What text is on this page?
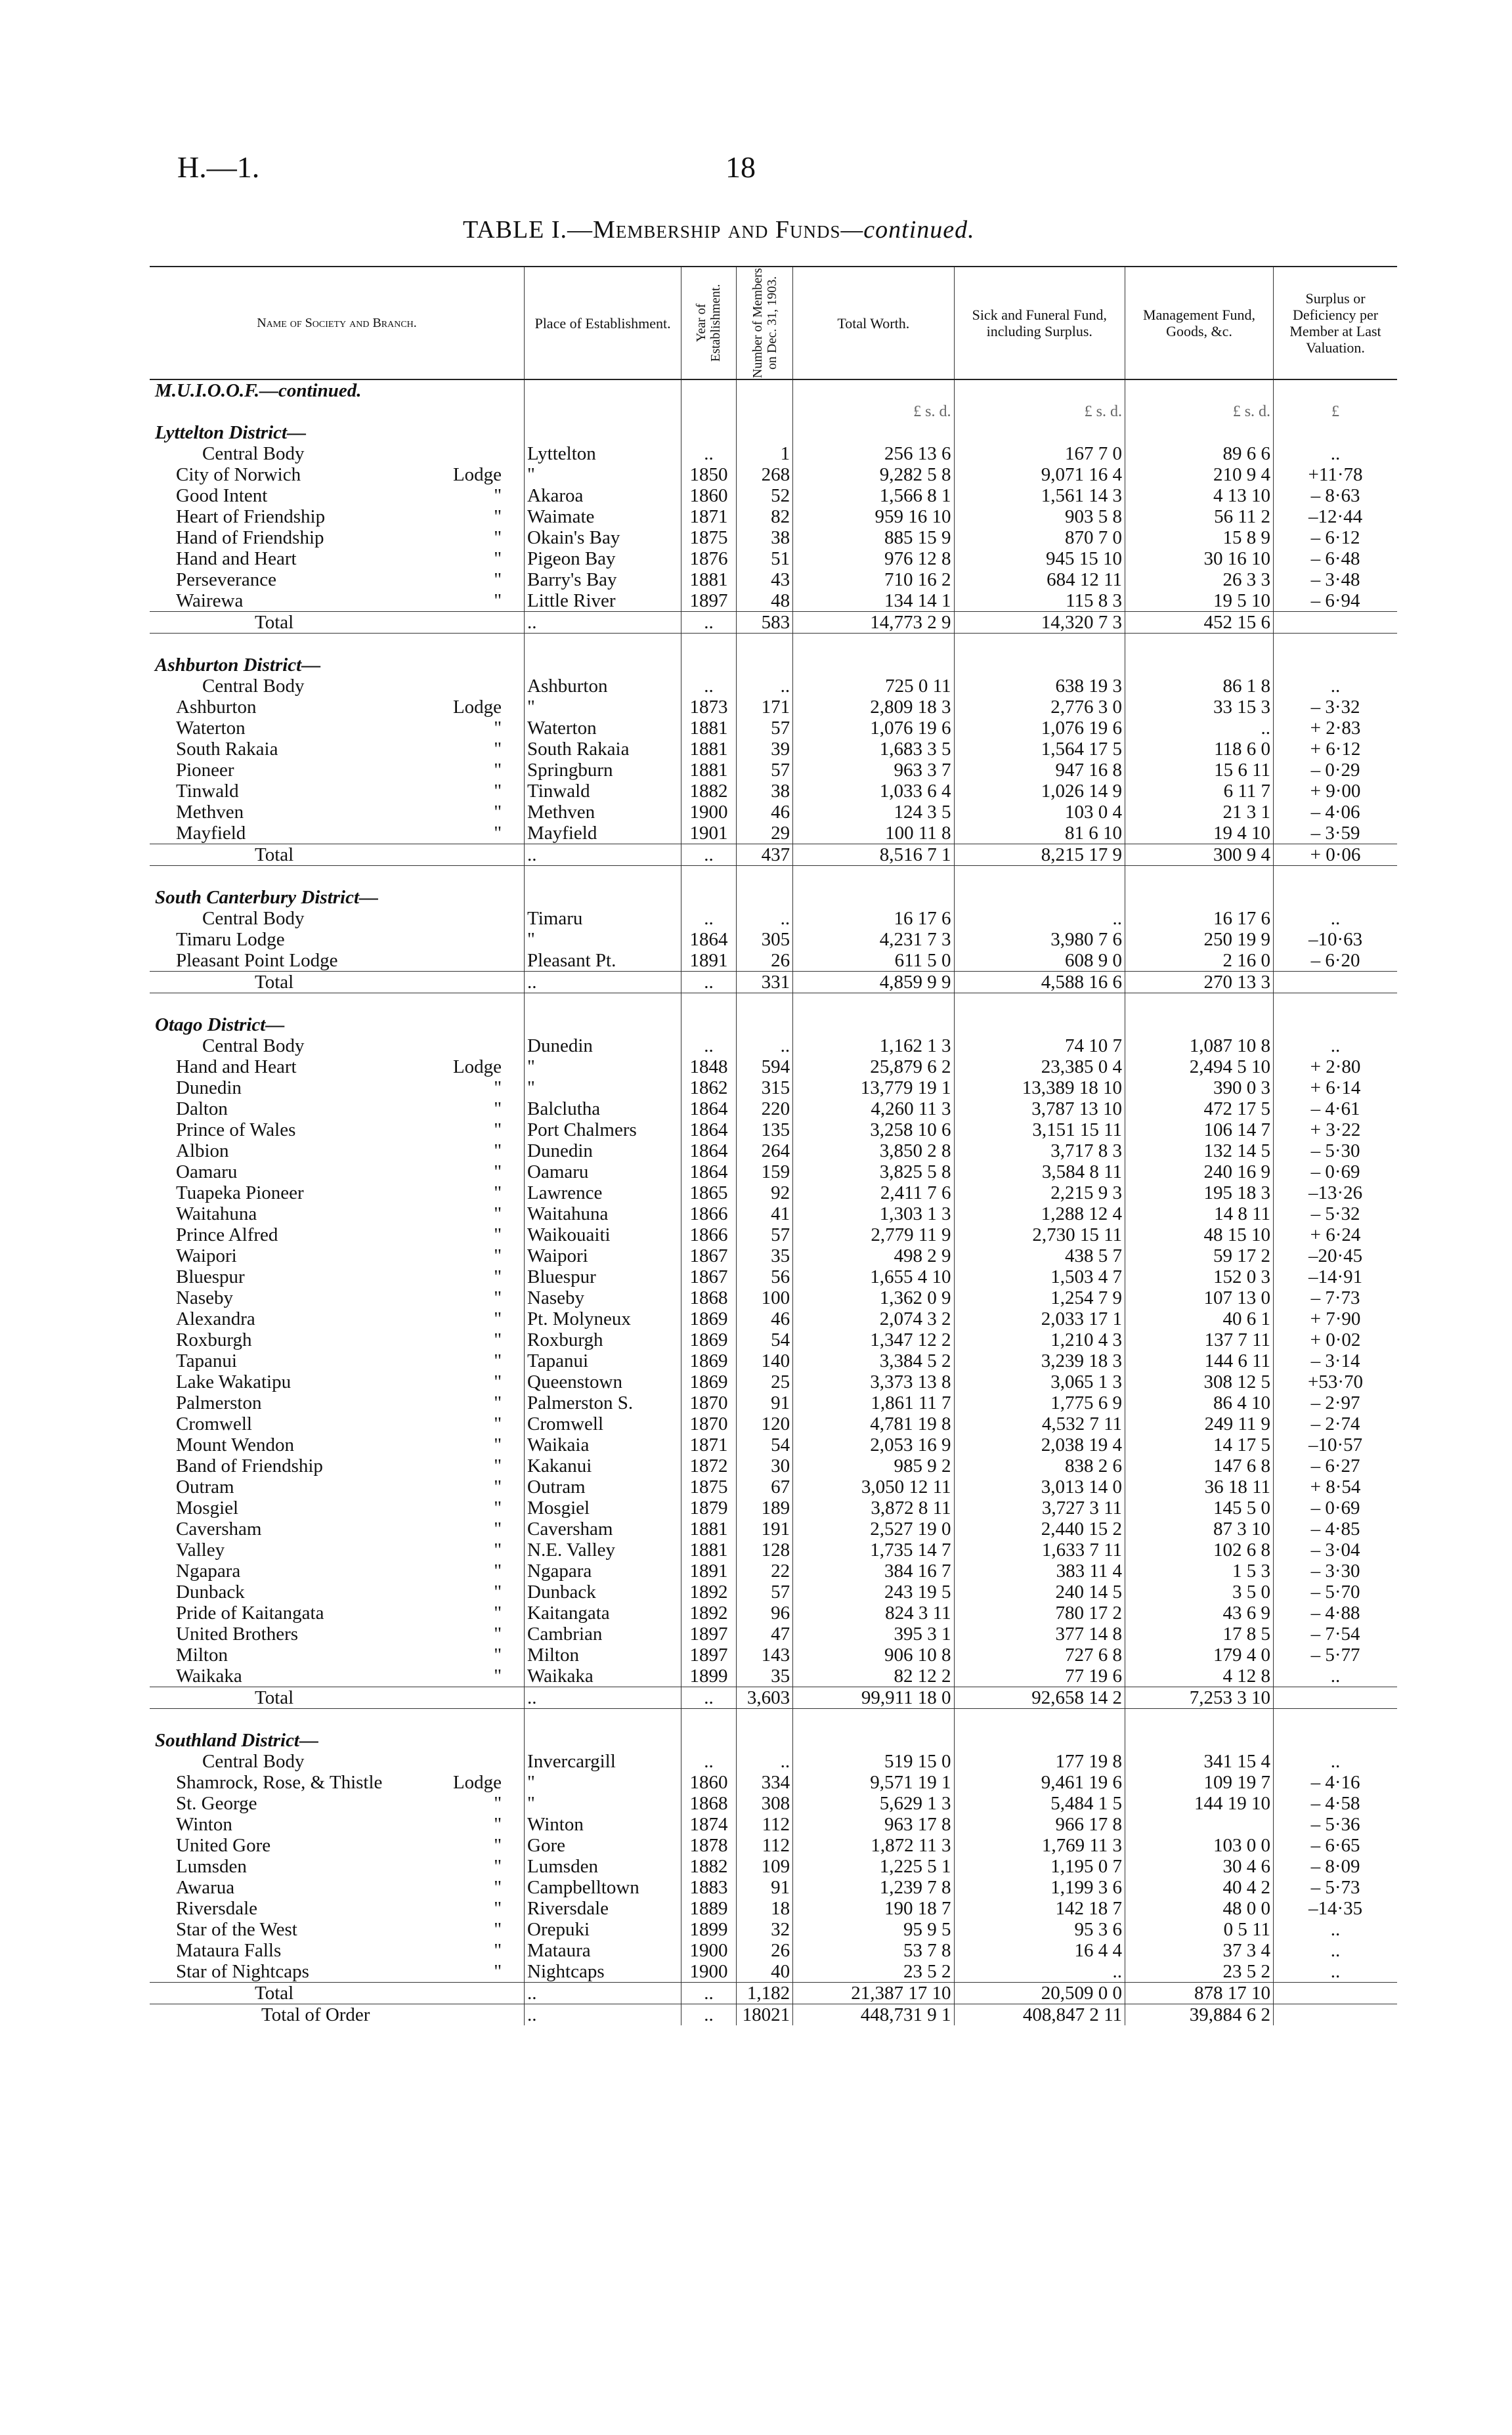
H.—1.	18
TABLE I.—Membership and Funds—continued.
Name of Society and Branch.	Place of Establishment.	Year of Establishment.	Number of Members on Dec. 31, 1903.	Total Worth.	Sick and Funeral Fund, including Surplus.	Management Fund, Goods, &c.	Surplus or Deficiency per Member at Last Valuation.
M.U.I.O.O.F.—continued.							
				£ s. d.	£ s. d.	£ s. d.	£
Lyttelton District—							
Central Body	Lyttelton	..	1	256 13 6	167 7 0	89 6 6	..
City of Norwich Lodge	"	1850	268	9,282 5 8	9,071 16 4	210 9 4	+11·78
Good Intent "	Akaroa	1860	52	1,566 8 1	1,561 14 3	4 13 10	– 8·63
Heart of Friendship "	Waimate	1871	82	959 16 10	903 5 8	56 11 2	–12·44
Hand of Friendship "	Okain's Bay	1875	38	885 15 9	870 7 0	15 8 9	– 6·12
Hand and Heart "	Pigeon Bay	1876	51	976 12 8	945 15 10	30 16 10	– 6·48
Perseverance "	Barry's Bay	1881	43	710 16 2	684 12 11	26 3 3	– 3·48
Wairewa "	Little River	1897	48	134 14 1	115 8 3	19 5 10	– 6·94
Total	..	..	583	14,773 2 9	14,320 7 3	452 15 6	

Ashburton District—							
Central Body	Ashburton	..	..	725 0 11	638 19 3	86 1 8	..
Ashburton Lodge	"	1873	171	2,809 18 3	2,776 3 0	33 15 3	– 3·32
Waterton "	Waterton	1881	57	1,076 19 6	1,076 19 6	..	+ 2·83
South Rakaia "	South Rakaia	1881	39	1,683 3 5	1,564 17 5	118 6 0	+ 6·12
Pioneer "	Springburn	1881	57	963 3 7	947 16 8	15 6 11	– 0·29
Tinwald "	Tinwald	1882	38	1,033 6 4	1,026 14 9	6 11 7	+ 9·00
Methven "	Methven	1900	46	124 3 5	103 0 4	21 3 1	– 4·06
Mayfield "	Mayfield	1901	29	100 11 8	81 6 10	19 4 10	– 3·59
Total	..	..	437	8,516 7 1	8,215 17 9	300 9 4	+ 0·06

South Canterbury District—							
Central Body	Timaru	..	..	16 17 6	..	16 17 6	..
Timaru Lodge	"	1864	305	4,231 7 3	3,980 7 6	250 19 9	–10·63
Pleasant Point Lodge	Pleasant Pt.	1891	26	611 5 0	608 9 0	2 16 0	– 6·20
Total	..	..	331	4,859 9 9	4,588 16 6	270 13 3	

Otago District—							
Central Body	Dunedin	..	..	1,162 1 3	74 10 7	1,087 10 8	..
Hand and Heart Lodge	"	1848	594	25,879 6 2	23,385 0 4	2,494 5 10	+ 2·80
Dunedin "	"	1862	315	13,779 19 1	13,389 18 10	390 0 3	+ 6·14
Dalton "	Balclutha	1864	220	4,260 11 3	3,787 13 10	472 17 5	– 4·61
Prince of Wales "	Port Chalmers	1864	135	3,258 10 6	3,151 15 11	106 14 7	+ 3·22
Albion "	Dunedin	1864	264	3,850 2 8	3,717 8 3	132 14 5	– 5·30
Oamaru "	Oamaru	1864	159	3,825 5 8	3,584 8 11	240 16 9	– 0·69
Tuapeka Pioneer "	Lawrence	1865	92	2,411 7 6	2,215 9 3	195 18 3	–13·26
Waitahuna "	Waitahuna	1866	41	1,303 1 3	1,288 12 4	14 8 11	– 5·32
Prince Alfred "	Waikouaiti	1866	57	2,779 11 9	2,730 15 11	48 15 10	+ 6·24
Waipori "	Waipori	1867	35	498 2 9	438 5 7	59 17 2	–20·45
Bluespur "	Bluespur	1867	56	1,655 4 10	1,503 4 7	152 0 3	–14·91
Naseby "	Naseby	1868	100	1,362 0 9	1,254 7 9	107 13 0	– 7·73
Alexandra "	Pt. Molyneux	1869	46	2,074 3 2	2,033 17 1	40 6 1	+ 7·90
Roxburgh "	Roxburgh	1869	54	1,347 12 2	1,210 4 3	137 7 11	+ 0·02
Tapanui "	Tapanui	1869	140	3,384 5 2	3,239 18 3	144 6 11	– 3·14
Lake Wakatipu "	Queenstown	1869	25	3,373 13 8	3,065 1 3	308 12 5	+53·70
Palmerston "	Palmerston S.	1870	91	1,861 11 7	1,775 6 9	86 4 10	– 2·97
Cromwell "	Cromwell	1870	120	4,781 19 8	4,532 7 11	249 11 9	– 2·74
Mount Wendon "	Waikaia	1871	54	2,053 16 9	2,038 19 4	14 17 5	–10·57
Band of Friendship "	Kakanui	1872	30	985 9 2	838 2 6	147 6 8	– 6·27
Outram "	Outram	1875	67	3,050 12 11	3,013 14 0	36 18 11	+ 8·54
Mosgiel "	Mosgiel	1879	189	3,872 8 11	3,727 3 11	145 5 0	– 0·69
Caversham "	Caversham	1881	191	2,527 19 0	2,440 15 2	87 3 10	– 4·85
Valley "	N.E. Valley	1881	128	1,735 14 7	1,633 7 11	102 6 8	– 3·04
Ngapara "	Ngapara	1891	22	384 16 7	383 11 4	1 5 3	– 3·30
Dunback "	Dunback	1892	57	243 19 5	240 14 5	3 5 0	– 5·70
Pride of Kaitangata "	Kaitangata	1892	96	824 3 11	780 17 2	43 6 9	– 4·88
United Brothers "	Cambrian	1897	47	395 3 1	377 14 8	17 8 5	– 7·54
Milton "	Milton	1897	143	906 10 8	727 6 8	179 4 0	– 5·77
Waikaka "	Waikaka	1899	35	82 12 2	77 19 6	4 12 8	..
Total	..	..	3,603	99,911 18 0	92,658 14 2	7,253 3 10	

Southland District—							
Central Body	Invercargill	..	..	519 15 0	177 19 8	341 15 4	..
Shamrock, Rose, & Thistle Lodge	"	1860	334	9,571 19 1	9,461 19 6	109 19 7	– 4·16
St. George "	"	1868	308	5,629 1 3	5,484 1 5	144 19 10	– 4·58
Winton "	Winton	1874	112	963 17 8	966 17 8		– 5·36
United Gore "	Gore	1878	112	1,872 11 3	1,769 11 3	103 0 0	– 6·65
Lumsden "	Lumsden	1882	109	1,225 5 1	1,195 0 7	30 4 6	– 8·09
Awarua "	Campbelltown	1883	91	1,239 7 8	1,199 3 6	40 4 2	– 5·73
Riversdale "	Riversdale	1889	18	190 18 7	142 18 7	48 0 0	–14·35
Star of the West "	Orepuki	1899	32	95 9 5	95 3 6	0 5 11	..
Mataura Falls "	Mataura	1900	26	53 7 8	16 4 4	37 3 4	..
Star of Nightcaps "	Nightcaps	1900	40	23 5 2	..	23 5 2	..
Total	..	..	1,182	21,387 17 10	20,509 0 0	878 17 10	
Total of Order	..	..	18021	448,731 9 1	408,847 2 11	39,884 6 2	
